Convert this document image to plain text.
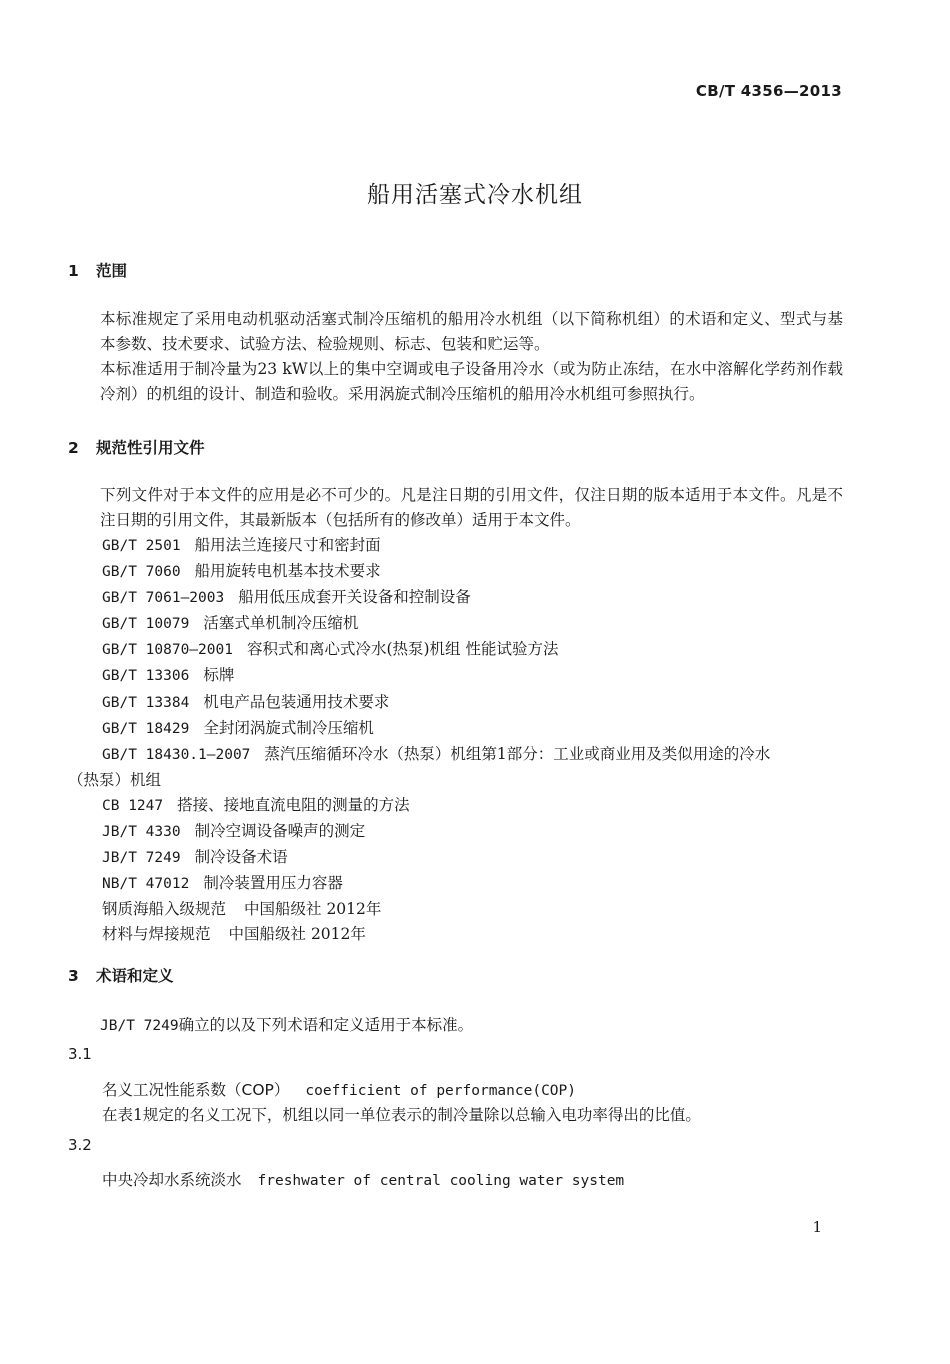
CB/T 4356—2013
船用活塞式冷水机组
1 范围
本标准规定了采用电动机驱动活塞式制冷压缩机的船用冷水机组（以下简称机组）的术语和定义、型式与基本参数、技术要求、试验方法、检验规则、标志、包装和贮运等。
本标准适用于制冷量为23 kW以上的集中空调或电子设备用冷水（或为防止冻结，在水中溶解化学药剂作载冷剂）的机组的设计、制造和验收。采用涡旋式制冷压缩机的船用冷水机组可参照执行。
2 规范性引用文件
下列文件对于本文件的应用是必不可少的。凡是注日期的引用文件，仅注日期的版本适用于本文件。凡是不注日期的引用文件，其最新版本（包括所有的修改单）适用于本文件。
GB/T 2501 船用法兰连接尺寸和密封面
GB/T 7060 船用旋转电机基本技术要求
GB/T 7061—2003 船用低压成套开关设备和控制设备
GB/T 10079 活塞式单机制冷压缩机
GB/T 10870—2001 容积式和离心式冷水(热泵)机组 性能试验方法
GB/T 13306 标牌
GB/T 13384 机电产品包装通用技术要求
GB/T 18429 全封闭涡旋式制冷压缩机
GB/T 18430.1—2007 蒸汽压缩循环冷水（热泵）机组第1部分：工业或商业用及类似用途的冷水
（热泵）机组
CB 1247 搭接、接地直流电阻的测量的方法
JB/T 4330 制冷空调设备噪声的测定
JB/T 7249 制冷设备术语
NB/T 47012 制冷装置用压力容器
钢质海船入级规范 中国船级社 2012年
材料与焊接规范 中国船级社 2012年
3 术语和定义
JB/T 7249确立的以及下列术语和定义适用于本标准。
3.1
名义工况性能系数（COP） coefficient of performance(COP)
在表1规定的名义工况下，机组以同一单位表示的制冷量除以总输入电功率得出的比值。
3.2
中央冷却水系统淡水 freshwater of central cooling water system
1
